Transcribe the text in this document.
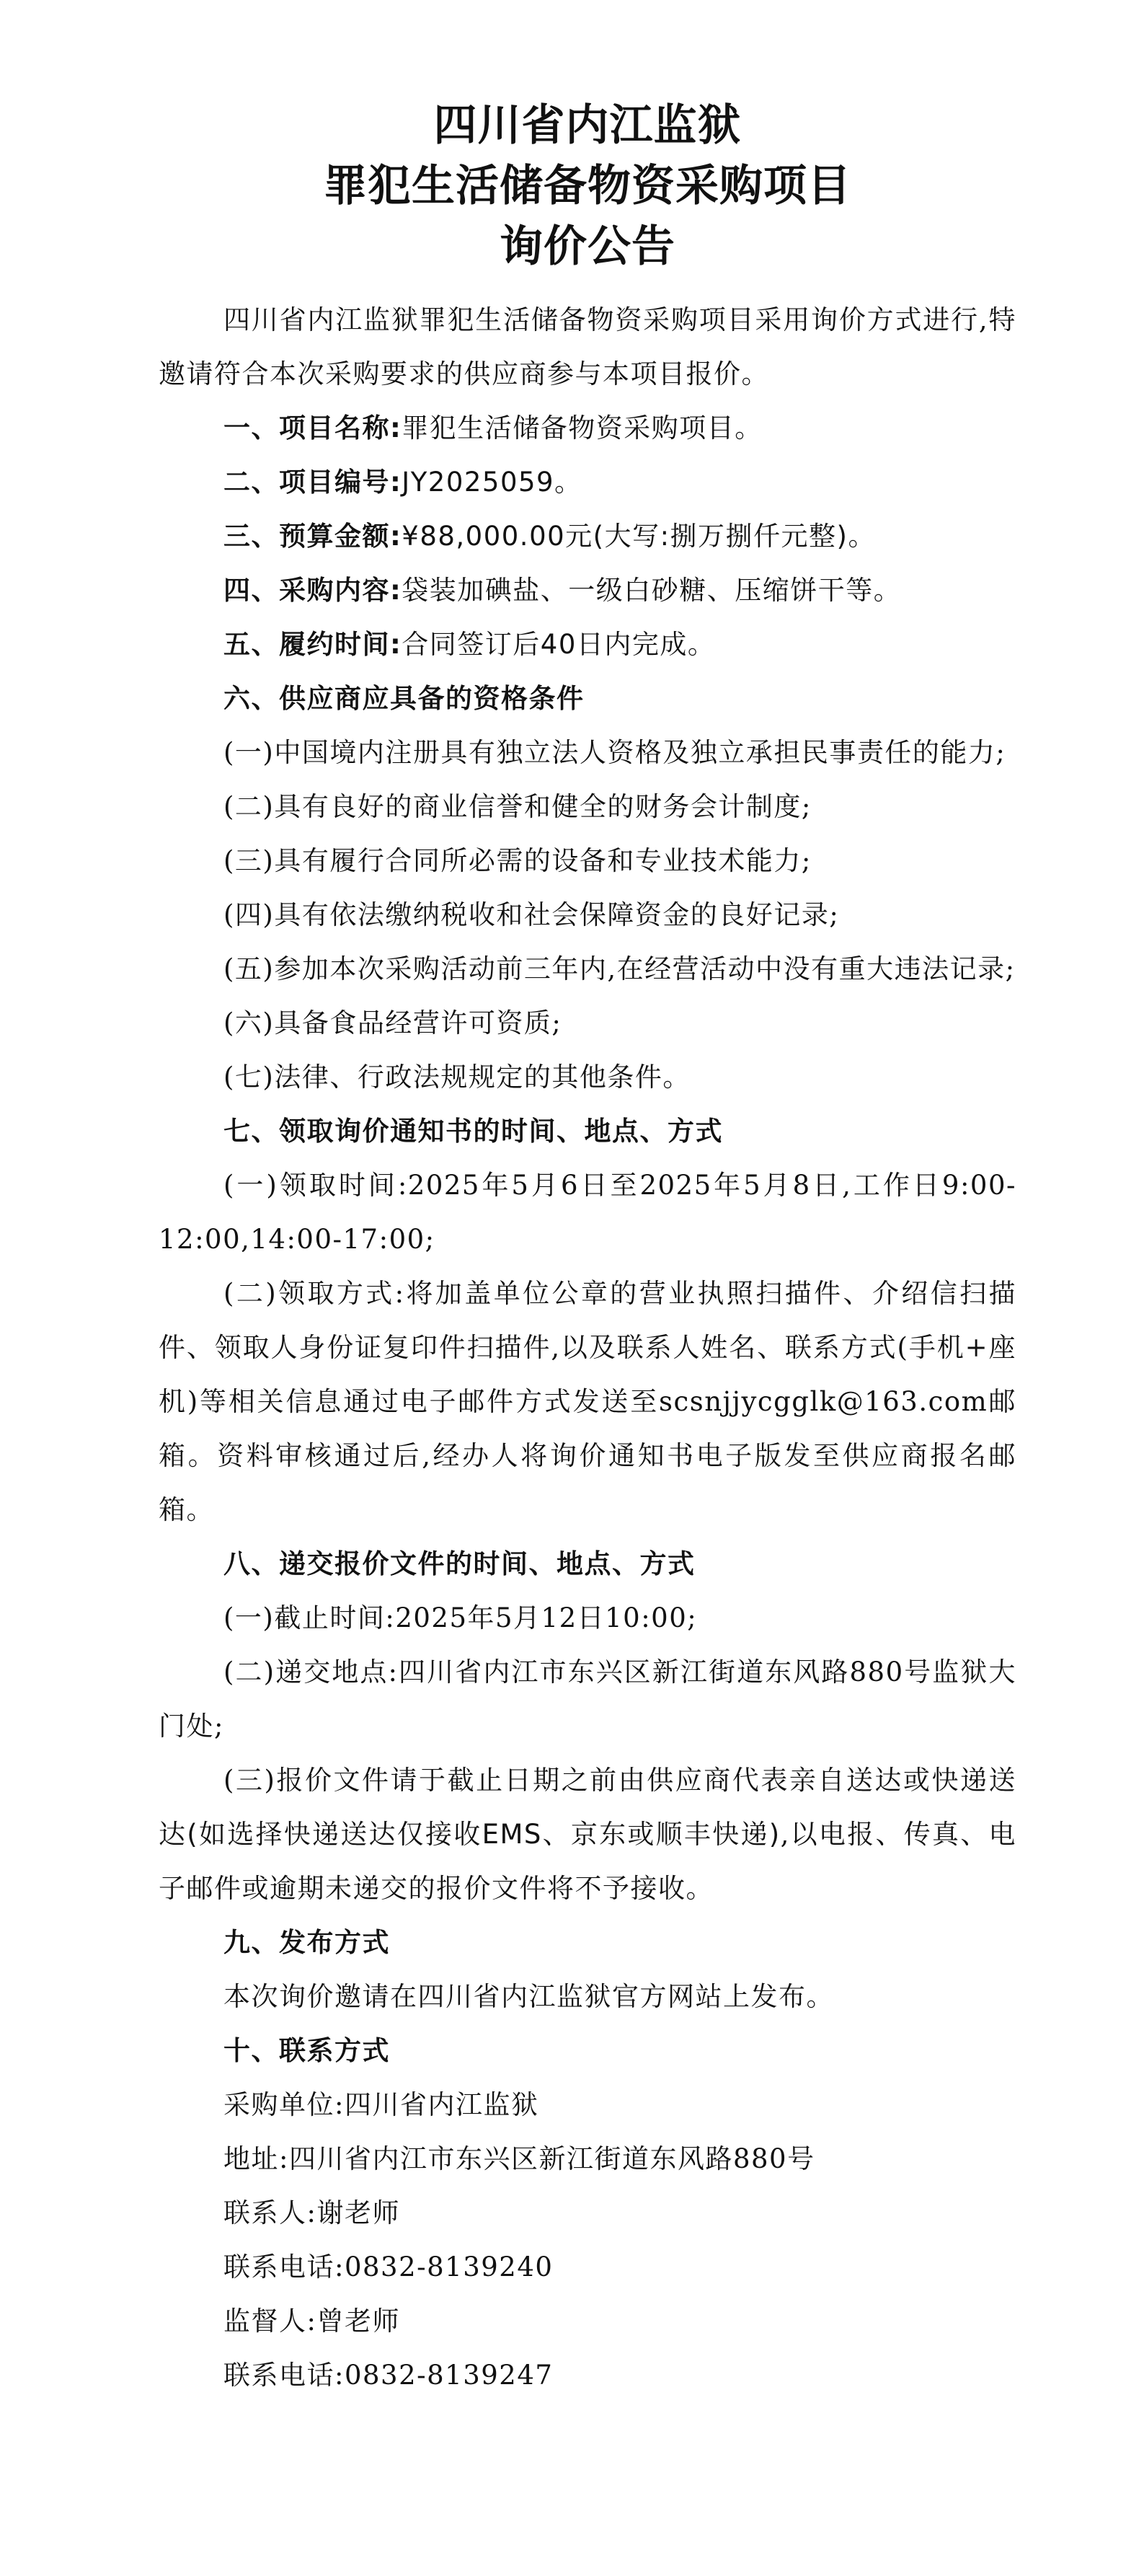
四川省内江监狱
罪犯生活储备物资采购项目
询价公告

四川省内江监狱罪犯生活储备物资采购项目采用询价方式进行,特邀请符合本次采购要求的供应商参与本项目报价。

一、项目名称:罪犯生活储备物资采购项目。

二、项目编号:JY2025059。

三、预算金额:¥88,000.00元(大写:捌万捌仟元整)。

四、采购内容:袋装加碘盐、一级白砂糖、压缩饼干等。

五、履约时间:合同签订后40日内完成。

六、供应商应具备的资格条件

(一)中国境内注册具有独立法人资格及独立承担民事责任的能力;

(二)具有良好的商业信誉和健全的财务会计制度;

(三)具有履行合同所必需的设备和专业技术能力;

(四)具有依法缴纳税收和社会保障资金的良好记录;

(五)参加本次采购活动前三年内,在经营活动中没有重大违法记录;

(六)具备食品经营许可资质;

(七)法律、行政法规规定的其他条件。

七、领取询价通知书的时间、地点、方式

(一)领取时间:2025年5月6日至2025年5月8日,工作日9:00-12:00,14:00-17:00;

(二)领取方式:将加盖单位公章的营业执照扫描件、介绍信扫描件、领取人身份证复印件扫描件,以及联系人姓名、联系方式(手机+座机)等相关信息通过电子邮件方式发送至scsnjjycgglk@163.com邮箱。资料审核通过后,经办人将询价通知书电子版发至供应商报名邮箱。

八、递交报价文件的时间、地点、方式

(一)截止时间:2025年5月12日10:00;

(二)递交地点:四川省内江市东兴区新江街道东风路880号监狱大门处;

(三)报价文件请于截止日期之前由供应商代表亲自送达或快递送达(如选择快递送达仅接收EMS、京东或顺丰快递),以电报、传真、电子邮件或逾期未递交的报价文件将不予接收。

九、发布方式

本次询价邀请在四川省内江监狱官方网站上发布。

十、联系方式

采购单位:四川省内江监狱

地址:四川省内江市东兴区新江街道东风路880号

联系人:谢老师

联系电话:0832-8139240

监督人:曾老师

联系电话:0832-8139247
